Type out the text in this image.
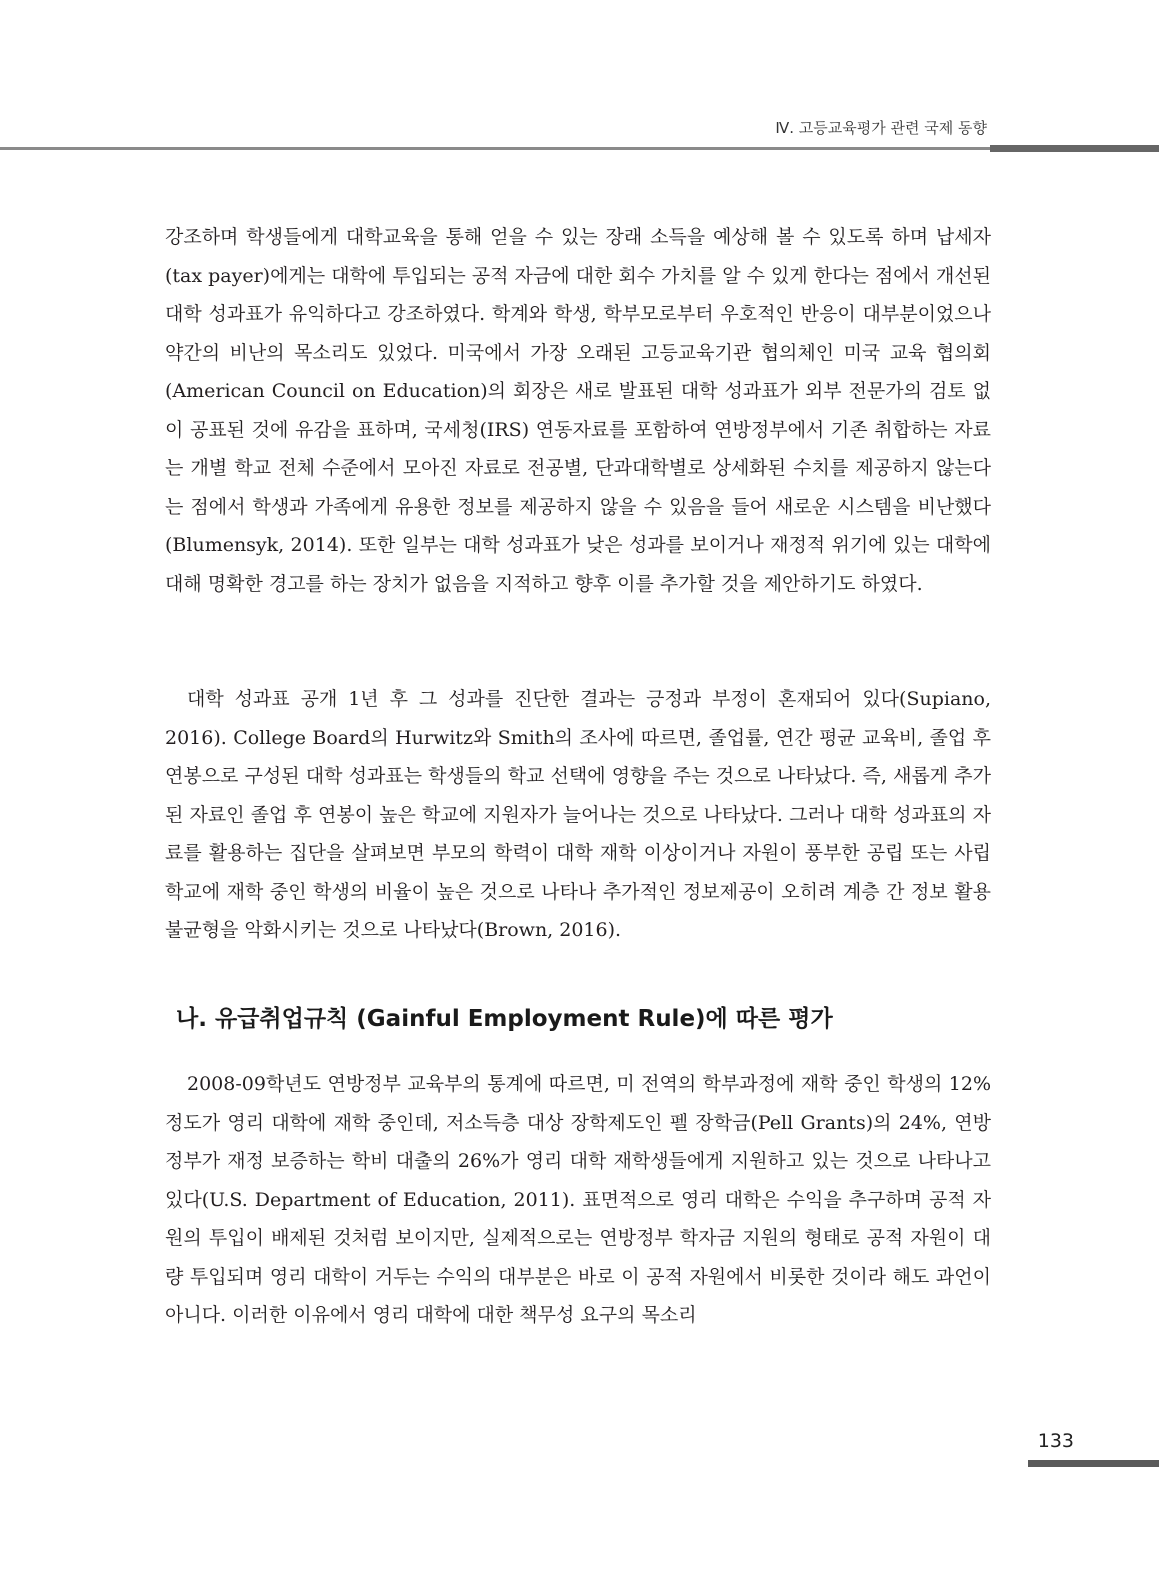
Ⅳ. 고등교육평가 관련 국제 동향

강조하며 학생들에게 대학교육을 통해 얻을 수 있는 장래 소득을 예상해 볼 수 있도록 하며 납세자(tax payer)에게는 대학에 투입되는 공적 자금에 대한 회수 가치를 알 수 있게 한다는 점에서 개선된 대학 성과표가 유익하다고 강조하였다. 학계와 학생, 학부모로부터 우호적인 반응이 대부분이었으나 약간의 비난의 목소리도 있었다. 미국에서 가장 오래된 고등교육기관 협의체인 미국 교육 협의회(American Council on Education)의 회장은 새로 발표된 대학 성과표가 외부 전문가의 검토 없이 공표된 것에 유감을 표하며, 국세청(IRS) 연동자료를 포함하여 연방정부에서 기존 취합하는 자료는 개별 학교 전체 수준에서 모아진 자료로 전공별, 단과대학별로 상세화된 수치를 제공하지 않는다는 점에서 학생과 가족에게 유용한 정보를 제공하지 않을 수 있음을 들어 새로운 시스템을 비난했다(Blumensyk, 2014). 또한 일부는 대학 성과표가 낮은 성과를 보이거나 재정적 위기에 있는 대학에 대해 명확한 경고를 하는 장치가 없음을 지적하고 향후 이를 추가할 것을 제안하기도 하였다.

대학 성과표 공개 1년 후 그 성과를 진단한 결과는 긍정과 부정이 혼재되어 있다(Supiano, 2016). College Board의 Hurwitz와 Smith의 조사에 따르면, 졸업률, 연간 평균 교육비, 졸업 후 연봉으로 구성된 대학 성과표는 학생들의 학교 선택에 영향을 주는 것으로 나타났다. 즉, 새롭게 추가된 자료인 졸업 후 연봉이 높은 학교에 지원자가 늘어나는 것으로 나타났다. 그러나 대학 성과표의 자료를 활용하는 집단을 살펴보면 부모의 학력이 대학 재학 이상이거나 자원이 풍부한 공립 또는 사립학교에 재학 중인 학생의 비율이 높은 것으로 나타나 추가적인 정보제공이 오히려 계층 간 정보 활용 불균형을 악화시키는 것으로 나타났다(Brown, 2016).

나. 유급취업규칙 (Gainful Employment Rule)에 따른 평가

2008-09학년도 연방정부 교육부의 통계에 따르면, 미 전역의 학부과정에 재학 중인 학생의 12% 정도가 영리 대학에 재학 중인데, 저소득층 대상 장학제도인 펠 장학금(Pell Grants)의 24%, 연방정부가 재정 보증하는 학비 대출의 26%가 영리 대학 재학생들에게 지원하고 있는 것으로 나타나고 있다(U.S. Department of Education, 2011). 표면적으로 영리 대학은 수익을 추구하며 공적 자원의 투입이 배제된 것처럼 보이지만, 실제적으로는 연방정부 학자금 지원의 형태로 공적 자원이 대량 투입되며 영리 대학이 거두는 수익의 대부분은 바로 이 공적 자원에서 비롯한 것이라 해도 과언이 아니다. 이러한 이유에서 영리 대학에 대한 책무성 요구의 목소리

133
